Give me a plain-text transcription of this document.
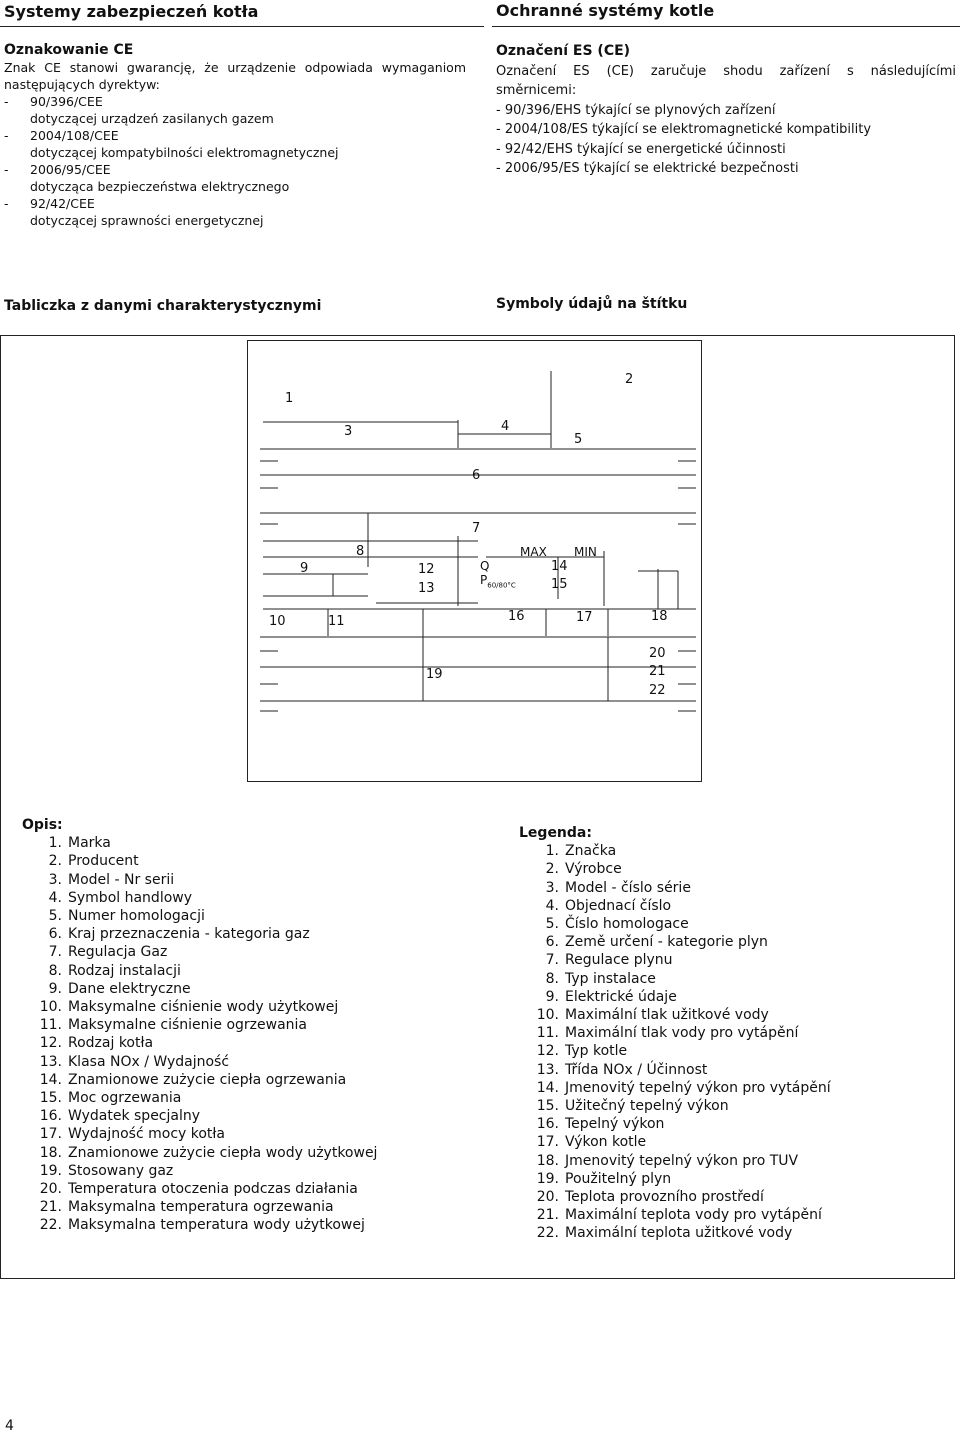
Systemy zabezpieczeń kotła	Ochranné systémy kotle
Oznakowanie CE
Znak CE stanowi gwarancję, że urządzenie odpowiada wymaganiom
następujących dyrektyw:
-	90/396/CEE
dotyczącej urządzeń zasilanych gazem
-	2004/108/CEE
dotyczącej kompatybilności elektromagnetycznej
-	2006/95/CEE
dotycząca bezpieczeństwa elektrycznego
-	92/42/CEE
dotyczącej sprawności energetycznej
Označení ES (CE)
Označení ES (CE) zaručuje shodu zařízení s následujícími
směrnicemi:
- 90/396/EHS týkající se plynových zařízení
- 2004/108/ES týkající se elektromagnetické kompatibility
- 92/42/EHS týkající se energetické účinnosti
- 2006/95/ES týkající se elektrické bezpečnosti
Tabliczka z danymi charakterystycznymi	Symboly údajů na štítku
1
2
3	4
5
6
7
8
9	12
13
MAX MIN
Q
$P_{60/80^\circ C}$
14
15
10	11	16	17	18
19
20
21
22
Opis:
1. Marka
2. Producent
3. Model - Nr serii
4. Symbol handlowy
5. Numer homologacji
6. Kraj przeznaczenia - kategoria gaz
7. Regulacja Gaz
8. Rodzaj instalacji
9. Dane elektryczne
10. Maksymalne ciśnienie wody użytkowej
11. Maksymalne ciśnienie ogrzewania
12. Rodzaj kotła
13. Klasa NOx / Wydajność
14. Znamionowe zużycie ciepła ogrzewania
15. Moc ogrzewania
16. Wydatek specjalny
17. Wydajność mocy kotła
18. Znamionowe zużycie ciepła wody użytkowej
19. Stosowany gaz
20. Temperatura otoczenia podczas działania
21. Maksymalna temperatura ogrzewania
22. Maksymalna temperatura wody użytkowej
Legenda:
1. Značka
2. Výrobce
3. Model - číslo série
4. Objednací číslo
5. Číslo homologace
6. Země určení - kategorie plyn
7. Regulace plynu
8. Typ instalace
9. Elektrické údaje
10. Maximální tlak užitkové vody
11. Maximální tlak vody pro vytápění
12. Typ kotle
13. Třída NOx / Účinnost
14. Jmenovitý tepelný výkon pro vytápění
15. Užitečný tepelný výkon
16. Tepelný výkon
17. Výkon kotle
18. Jmenovitý tepelný výkon pro TUV
19. Použitelný plyn
20. Teplota provozního prostředí
21. Maximální teplota vody pro vytápění
22. Maximální teplota užitkové vody
4
